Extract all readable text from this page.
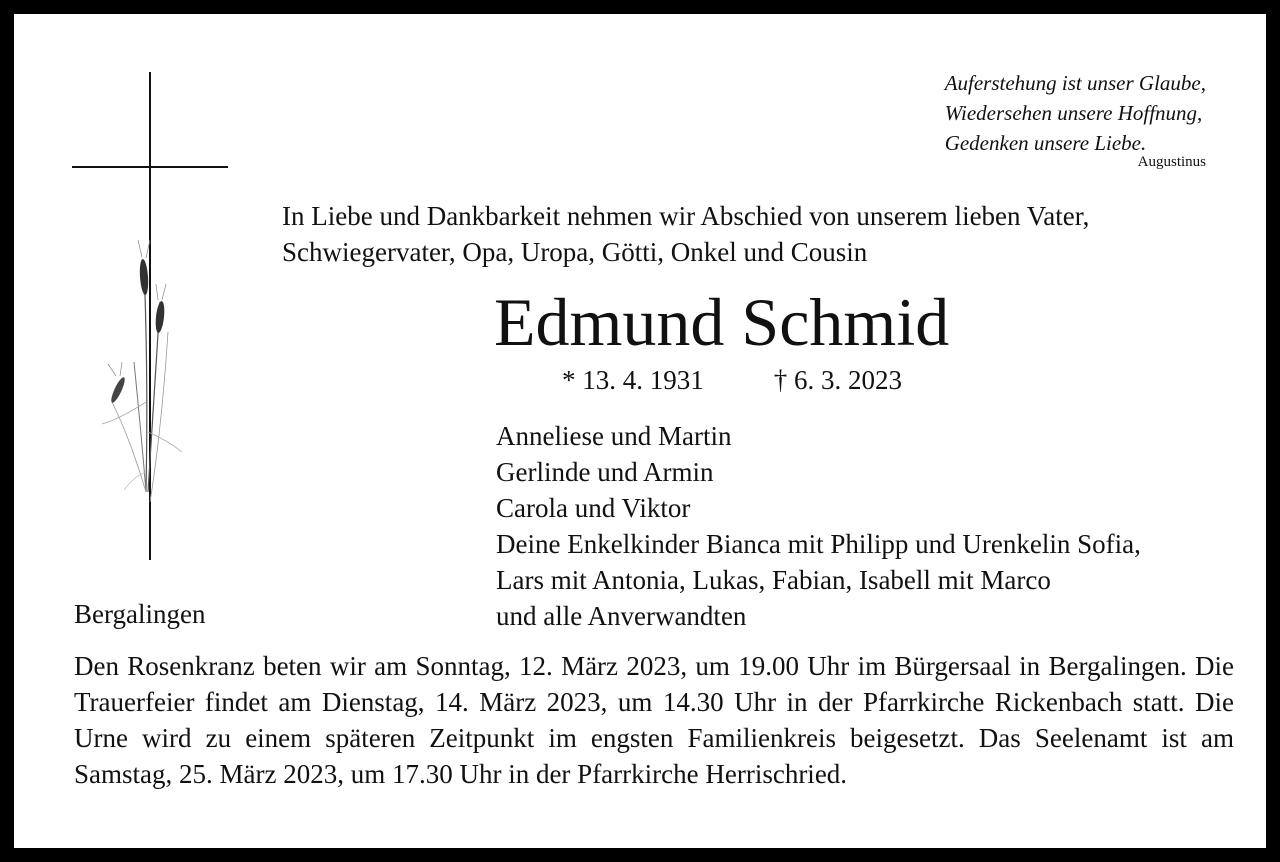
Auferstehung ist unser Glaube,
Wiedersehen unsere Hoffnung,
Gedenken unsere Liebe.
Augustinus
In Liebe und Dankbarkeit nehmen wir Abschied von unserem lieben Vater,
Schwiegervater, Opa, Uropa, Götti, Onkel und Cousin
Edmund Schmid
* 13. 4. 1931	† 6. 3. 2023
Anneliese und Martin
Gerlinde und Armin
Carola und Viktor
Deine Enkelkinder Bianca mit Philipp und Urenkelin Sofia,
Lars mit Antonia, Lukas, Fabian, Isabell mit Marco
und alle Anverwandten
Bergalingen
Den Rosenkranz beten wir am Sonntag, 12. März 2023, um 19.00 Uhr im Bürgersaal in Bergalingen. Die Trauerfeier findet am Dienstag, 14. März 2023, um 14.30 Uhr in der Pfarrkirche Rickenbach statt. Die Urne wird zu einem späteren Zeitpunkt im engsten Familienkreis beigesetzt. Das Seelenamt ist am Samstag, 25. März 2023, um 17.30 Uhr in der Pfarrkirche Herrischried.
